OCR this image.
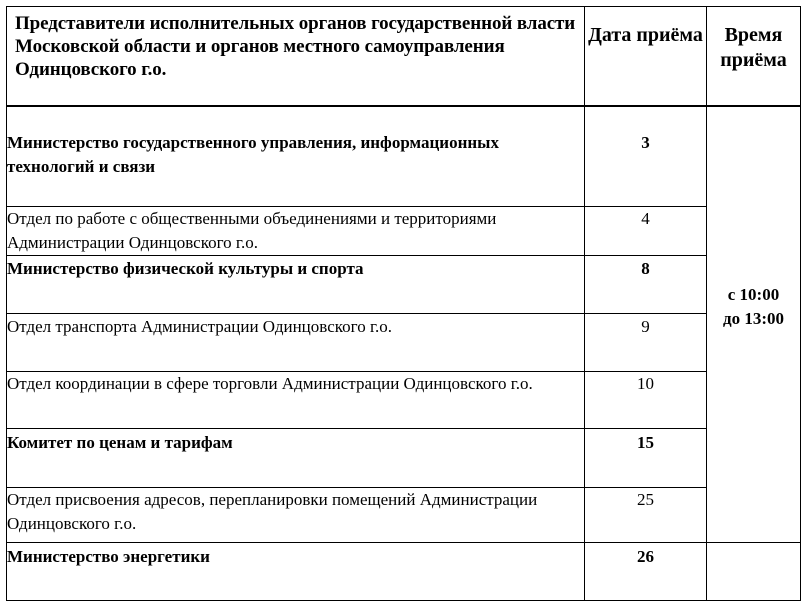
Представители исполнительных органов государственной власти Московской области и органов местного самоуправления Одинцовского г.о.	Дата приёма	Время приёма
Министерство государственного управления, информационных технологий и связи	3	с 10:00
до 13:00

Отдел по работе с общественными объединениями и территориями Администрации Одинцовского г.о.	4	
Министерство физической культуры и спорта	8	
Отдел транспорта Администрации Одинцовского г.о.	9	
Отдел координации в сфере торговли Администрации Одинцовского г.о.	10	
Комитет по ценам и тарифам	15	
Отдел присвоения адресов, перепланировки помещений Администрации Одинцовского г.о.	25	
Министерство энергетики	26	
